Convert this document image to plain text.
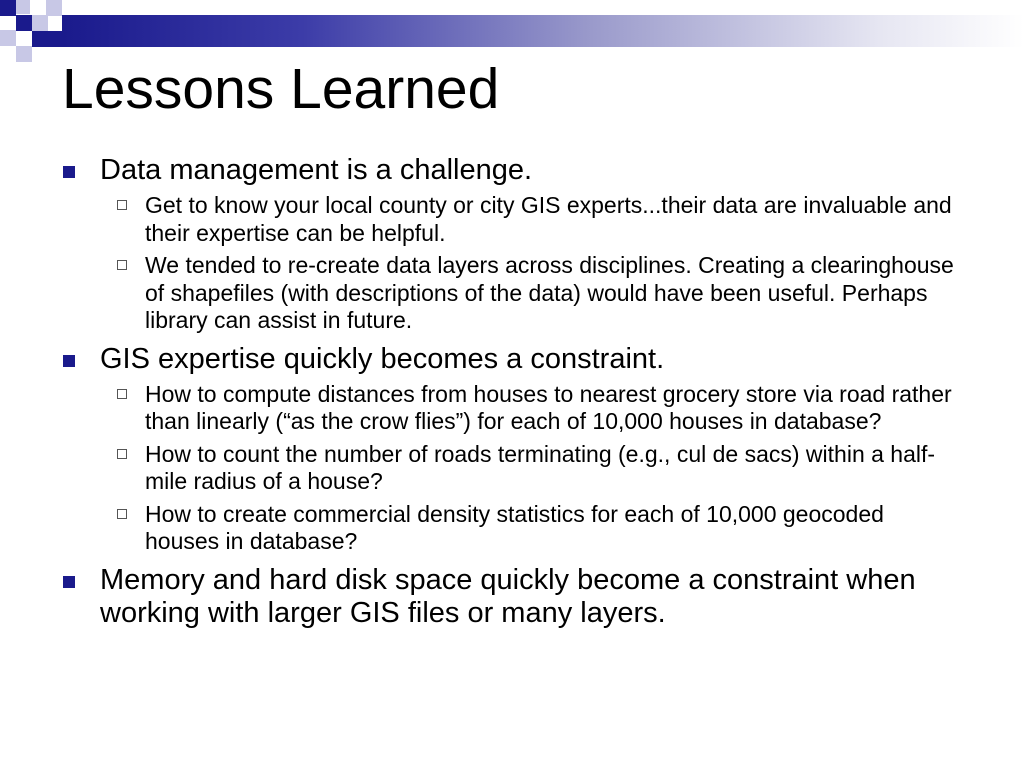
Lessons Learned
Data management is a challenge.
Get to know your local county or city GIS experts...their data are invaluable and their expertise can be helpful.
We tended to re-create data layers across disciplines. Creating a clearinghouse of shapefiles (with descriptions of the data) would have been useful. Perhaps library can assist in future.
GIS expertise quickly becomes a constraint.
How to compute distances from houses to nearest grocery store via road rather than linearly (“as the crow flies”) for each of 10,000 houses in database?
How to count the number of roads terminating (e.g., cul de sacs) within a half-mile radius of a house?
How to create commercial density statistics for each of 10,000 geocoded houses in database?
Memory and hard disk space quickly become a constraint when working with larger GIS files or many layers.
